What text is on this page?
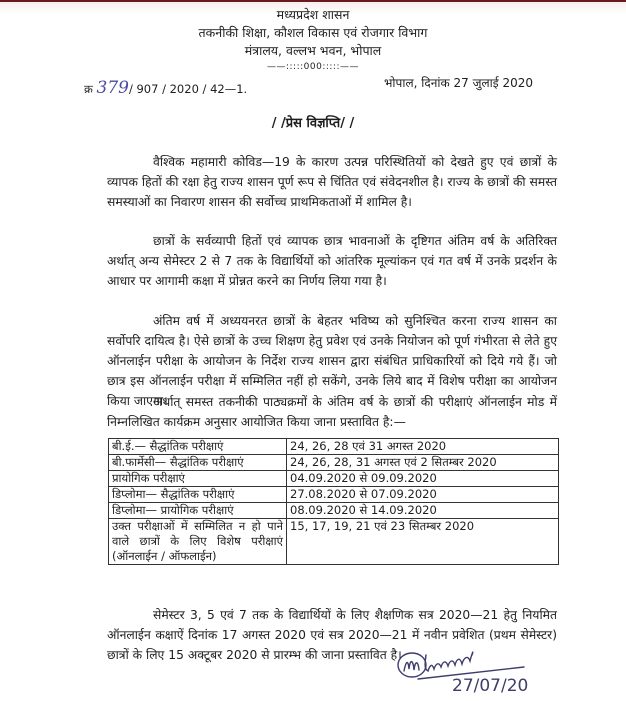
मध्यप्रदेश शासन
तकनीकी शिक्षा, कौशल विकास एवं रोजगार विभाग
मंत्रालय, वल्लभ भवन, भोपाल
——:::::000:::::——
क्र 379/ 907 / 2020 / 42—1.	भोपाल, दिनांक 27 जुलाई 2020
/ /प्रेस विज्ञप्ति/ /

वैश्विक महामारी कोविड—19 के कारण उत्पन्न परिस्थितियों को देखते हुए एवं छात्रों के व्यापक हितों की रक्षा हेतु राज्य शासन पूर्ण रूप से चिंतित एवं संवेदनशील है। राज्य के छात्रों की समस्त समस्याओं का निवारण शासन की सर्वोच्च प्राथमिकताओं में शामिल है।

छात्रों के सर्वव्यापी हितों एवं व्यापक छात्र भावनाओं के दृष्टिगत अंतिम वर्ष के अतिरिक्त अर्थात् अन्य सेमेस्टर 2 से 7 तक के विद्यार्थियों को आंतरिक मूल्यांकन एवं गत वर्ष में उनके प्रदर्शन के आधार पर आगामी कक्षा में प्रोन्नत करने का निर्णय लिया गया है।

अंतिम वर्ष में अध्ययनरत छात्रों के बेहतर भविष्य को सुनिश्चित करना राज्य शासन का सर्वोपरि दायित्व है। ऐसे छात्रों के उच्च शिक्षण हेतु प्रवेश एवं उनके नियोजन को पूर्ण गंभीरता से लेते हुए ऑनलाईन परीक्षा के आयोजन के निर्देश राज्य शासन द्वारा संबंधित प्राधिकारियों को दिये गये हैं। जो छात्र इस ऑनलाईन परीक्षा में सम्मिलित नहीं हो सकेंगे, उनके लिये बाद में विशेष परीक्षा का आयोजन किया जाएगा।

अर्थात् समस्त तकनीकी पाठ्यक्रमों के अंतिम वर्ष के छात्रों की परीक्षाएं ऑनलाईन मोड में निम्नलिखित कार्यक्रम अनुसार आयोजित किया जाना प्रस्तावित है:—

बी.ई.— सैद्धांतिक परीक्षाएं	24, 26, 28 एवं 31 अगस्त 2020
बी.फार्मेसी— सैद्धांतिक परीक्षाएं	24, 26, 28, 31 अगस्त एवं 2 सितम्बर 2020
प्रायोगिक परीक्षाएं	04.09.2020 से 09.09.2020
डिप्लोमा— सैद्धांतिक परीक्षाएं	27.08.2020 से 07.09.2020
डिप्लोमा— प्रायोगिक परीक्षाएं	08.09.2020 से 14.09.2020
उक्त परीक्षाओं में सम्मिलित न हो पाने वाले छात्रों के लिए विशेष परीक्षाएं (ऑनलाईन / ऑफलाईन)	15, 17, 19, 21 एवं 23 सितम्बर 2020

सेमेस्टर 3, 5 एवं 7 तक के विद्यार्थियों के लिए शैक्षणिक सत्र 2020—21 हेतु नियमित ऑनलाईन कक्षाऐं दिनांक 17 अगस्त 2020 एवं सत्र 2020—21 में नवीन प्रवेशित (प्रथम सेमेस्टर) छात्रों के लिए 15 अक्टूबर 2020 से प्रारम्भ की जाना प्रस्तावित है।

27/07/20
